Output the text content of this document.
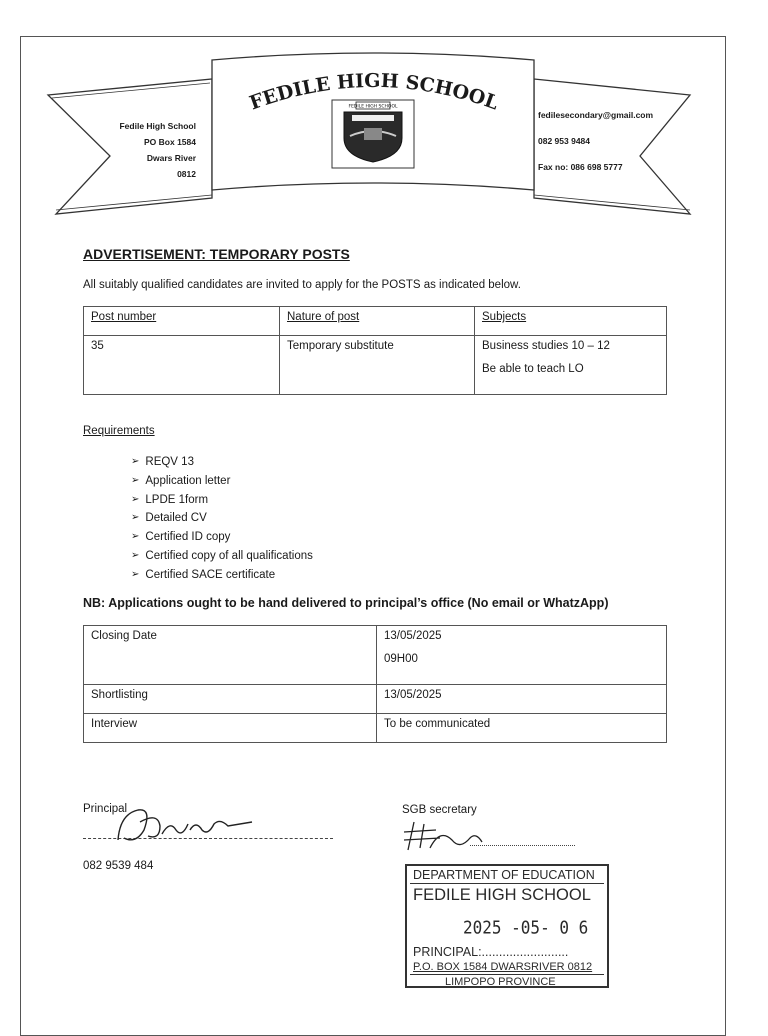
FEDILE HIGH SCHOOL
FEDILE HIGH SCHOOL
Fedile High School
PO Box 1584
Dwars River
0812
fedilesecondary@gmail.com
082 953 9484
Fax no: 086 698 5777
ADVERTISEMENT: TEMPORARY POSTS
All suitably qualified candidates are invited to apply for the POSTS as indicated below.
Post number	Nature of post	Subjects
35	Temporary substitute	Business studies 10 – 12
Be able to teach LO
Requirements
➢ REQV 13
➢ Application letter
➢ LPDE 1form
➢ Detailed CV
➢ Certified ID copy
➢ Certified copy of all qualifications
➢ Certified SACE certificate
NB: Applications ought to be hand delivered to principal’s office (No email or WhatzApp)
Closing Date	13/05/2025
09H00

Shortlisting	13/05/2025
Interview	To be communicated
Principal
082 9539 484
SGB secretary
DEPARTMENT OF EDUCATION
FEDILE HIGH SCHOOL
2025 -05- 0 6
PRINCIPAL:.........................
P.O. BOX 1584 DWARSRIVER 0812
LIMPOPO PROVINCE
